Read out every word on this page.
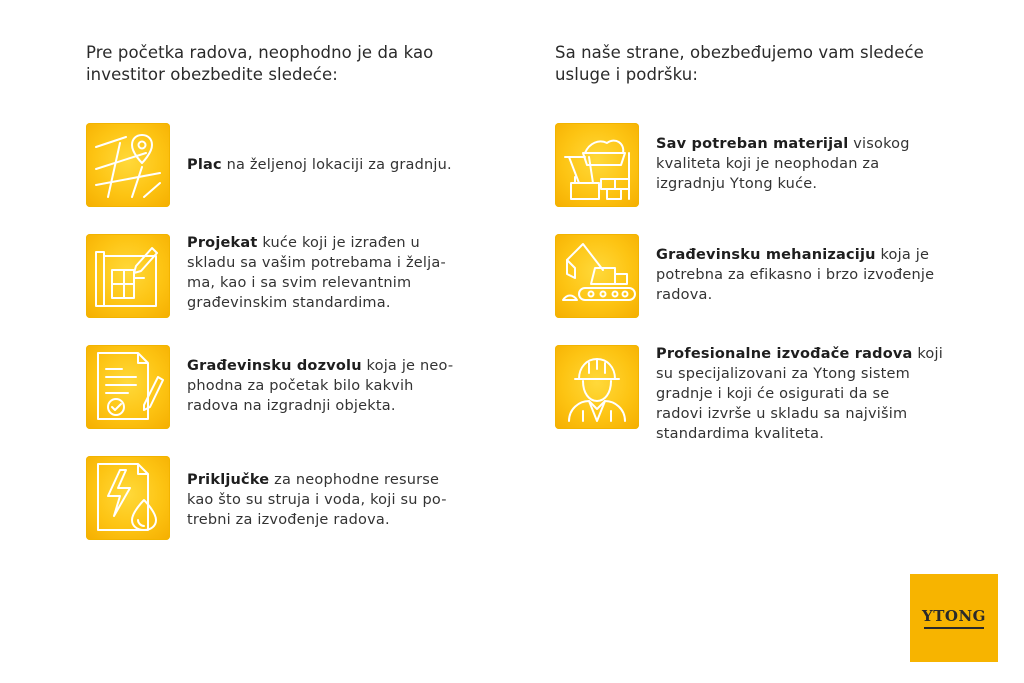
Pre početka radova, neophodno je da kao
investitor obezbedite sledeće:
Plac na željenoj lokaciji za gradnju.
Projekat kuće koji je izrađen u
skladu sa vašim potrebama i želja-
ma, kao i sa svim relevantnim
građevinskim standardima.
Građevinsku dozvolu koja je neo-
phodna za početak bilo kakvih
radova na izgradnji objekta.
Priključke za neophodne resurse
kao što su struja i voda, koji su po-
trebni za izvođenje radova.
Sa naše strane, obezbeđujemo vam sledeće
usluge i podršku:
Sav potreban materijal visokog
kvaliteta koji je neophodan za
izgradnju Ytong kuće.
Građevinsku mehanizaciju koja je
potrebna za efikasno i brzo izvođenje
radova.
Profesionalne izvođače radova koji
su specijalizovani za Ytong sistem
gradnje i koji će osigurati da se
radovi izvrše u skladu sa najvišim
standardima kvaliteta.
YTONG
